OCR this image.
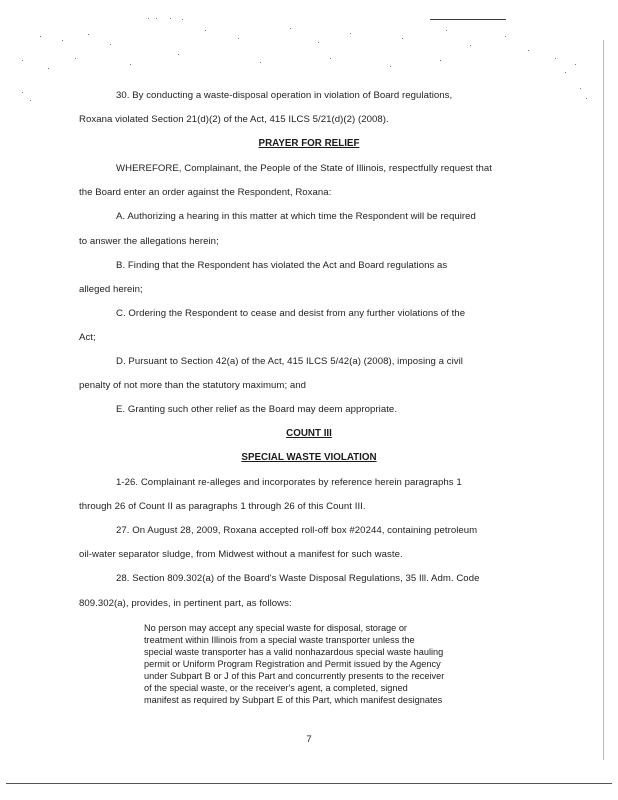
30. By conducting a waste-disposal operation in violation of Board regulations,
Roxana violated Section 21(d)(2) of the Act, 415 ILCS 5/21(d)(2) (2008).
PRAYER FOR RELIEF
WHEREFORE, Complainant, the People of the State of Illinois, respectfully request that
the Board enter an order against the Respondent, Roxana:
A. Authorizing a hearing in this matter at which time the Respondent will be required
to answer the allegations herein;
B. Finding that the Respondent has violated the Act and Board regulations as
alleged herein;
C. Ordering the Respondent to cease and desist from any further violations of the
Act;
D. Pursuant to Section 42(a) of the Act, 415 ILCS 5/42(a) (2008), imposing a civil
penalty of not more than the statutory maximum; and
E. Granting such other relief as the Board may deem appropriate.
COUNT III
SPECIAL WASTE VIOLATION
1-26. Complainant re-alleges and incorporates by reference herein paragraphs 1
through 26 of Count II as paragraphs 1 through 26 of this Count III.
27. On August 28, 2009, Roxana accepted roll-off box #20244, containing petroleum
oil-water separator sludge, from Midwest without a manifest for such waste.
28. Section 809.302(a) of the Board's Waste Disposal Regulations, 35 Ill. Adm. Code
809.302(a), provides, in pertinent part, as follows:
No person may accept any special waste for disposal, storage or
treatment within Illinois from a special waste transporter unless the
special waste transporter has a valid nonhazardous special waste hauling
permit or Uniform Program Registration and Permit issued by the Agency
under Subpart B or J of this Part and concurrently presents to the receiver
of the special waste, or the receiver's agent, a completed, signed
manifest as required by Subpart E of this Part, which manifest designates
7
